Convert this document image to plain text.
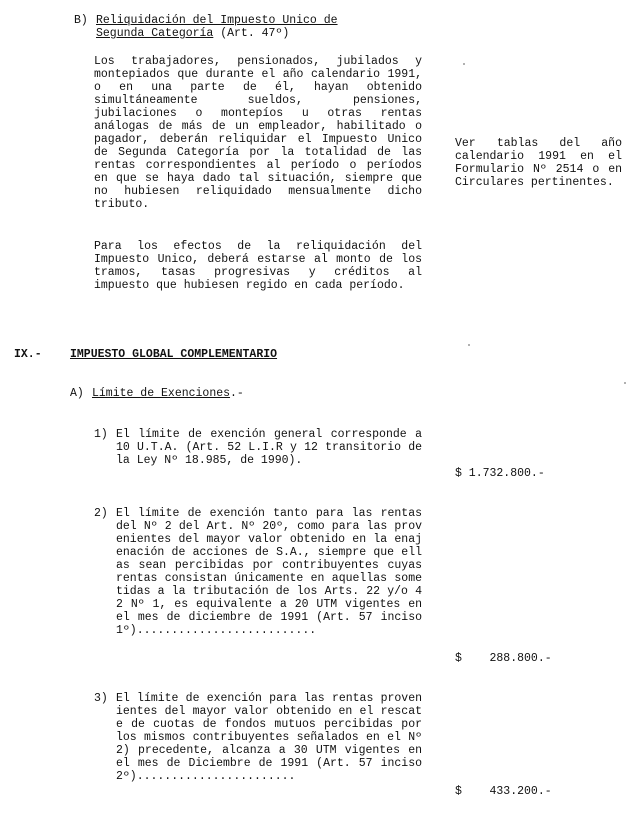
B) Reliquidación del Impuesto Unico de
Segunda Categoría (Art. 47º)
Los trabajadores, pensionados, jubilados y montepiados que durante el año calendario 1991, o en una parte de él, hayan obtenido simultáneamente sueldos, pensiones, jubilaciones o montepíos u otras rentas análogas de más de un empleador, habilitado o pagador, deberán reliquidar el Impuesto Unico de Segunda Categoría por la totalidad de las rentas correspondientes al período o períodos en que se haya dado tal situación, siempre que no hubiesen reliquidado mensualmente dicho tributo.
Para los efectos de la reliquidación del Impuesto Unico, deberá estarse al monto de los tramos, tasas progresivas y créditos al impuesto que hubiesen regido en cada período.
Ver tablas del año calendario 1991 en el Formulario Nº 2514 o en Circulares pertinentes.
IX.- IMPUESTO GLOBAL COMPLEMENTARIO
A) Límite de Exenciones.-
1) El límite de exención general corresponde a 10 U.T.A. (Art. 52 L.I.R y 12 transitorio de la Ley Nº 18.985, de 1990).
$ 1.732.800.-
2) El límite de exención tanto para las rentas del Nº 2 del Art. Nº 20º, como para las provenientes del mayor valor obtenido en la enajenación de acciones de S.A., siempre que ellas sean percibidas por contribuyentes cuyas rentas consistan únicamente en aquellas sometidas a la tributación de los Arts. 22 y/o 42 Nº 1, es equivalente a 20 UTM vigentes en el mes de diciembre de 1991 (Art. 57 inciso 1º)..........................
$    288.800.-
3) El límite de exención para las rentas provenientes del mayor valor obtenido en el rescate de cuotas de fondos mutuos percibidas por los mismos contribuyentes señalados en el Nº 2) precedente, alcanza a 30 UTM vigentes en el mes de Diciembre de 1991 (Art. 57 inciso 2º).......................
$    433.200.-
